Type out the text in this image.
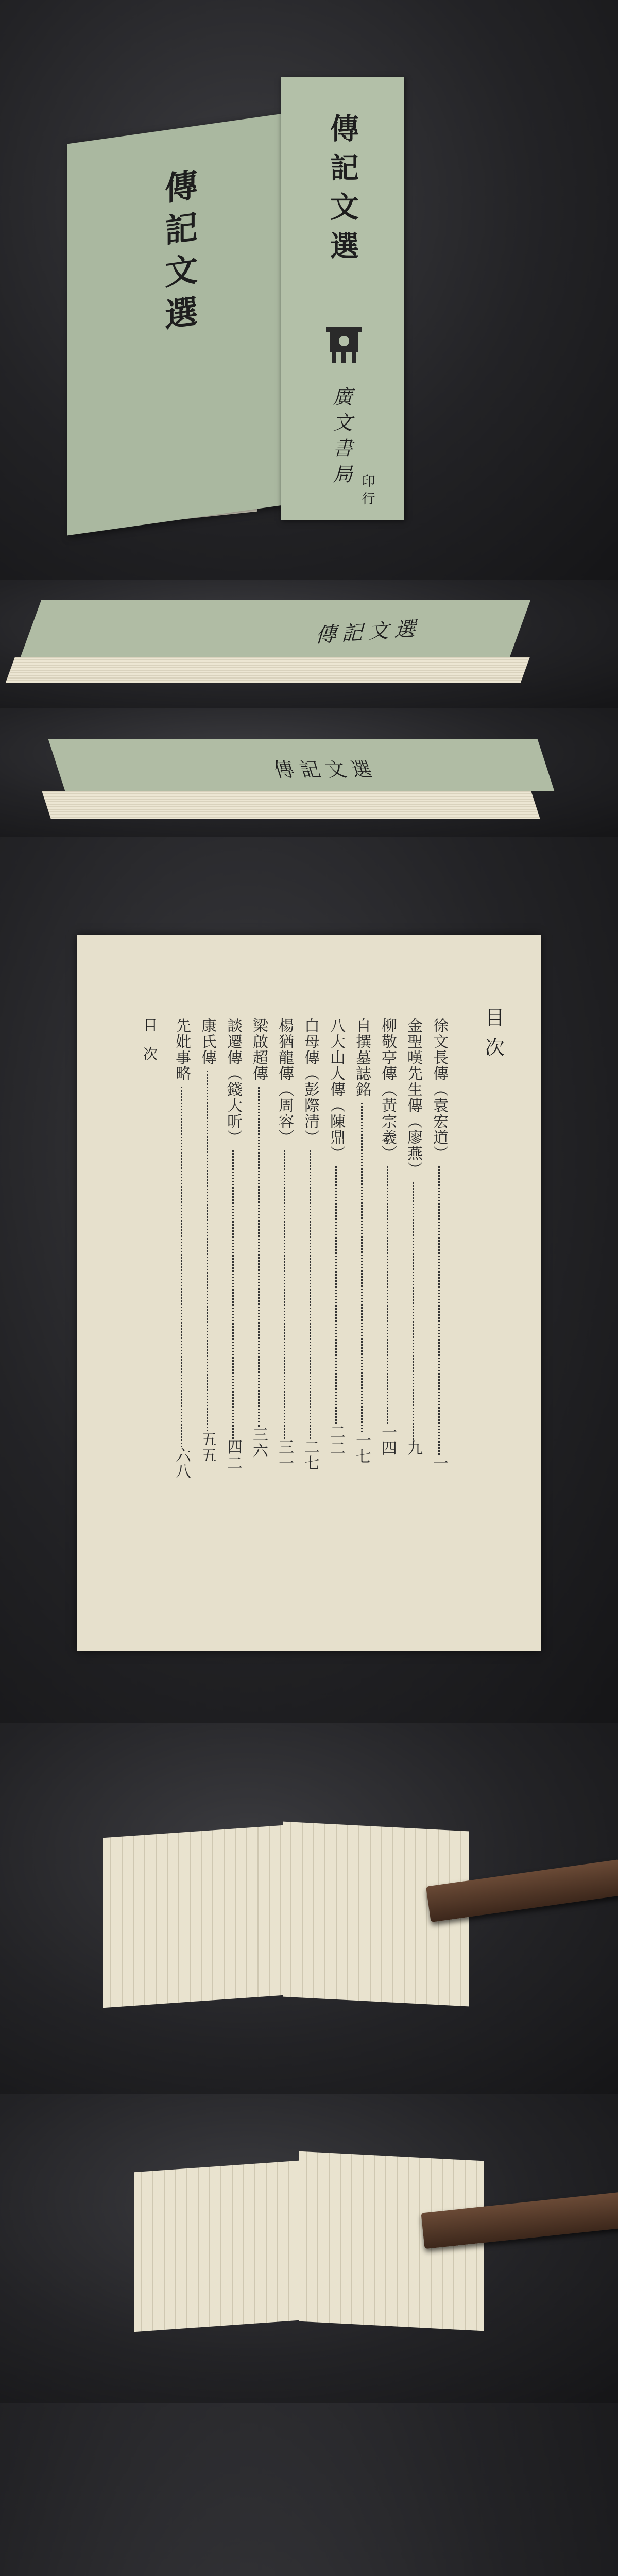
傳記文選	傳記文選
廣文書局
印行
傳記文選
傳記文選
目次
徐文長傳（袁宏道）一
金聖嘆先生傳（廖燕）九
柳敬亭傳（黃宗羲）一四
自撰墓誌銘一七
八大山人傳（陳鼎）二二
白母傳（彭際清）二七
楊猶龍傳（周容）三一
梁啟超傳三六
談遷傳（錢大昕）四二
康氏傳五五
先妣事略六八
目次
